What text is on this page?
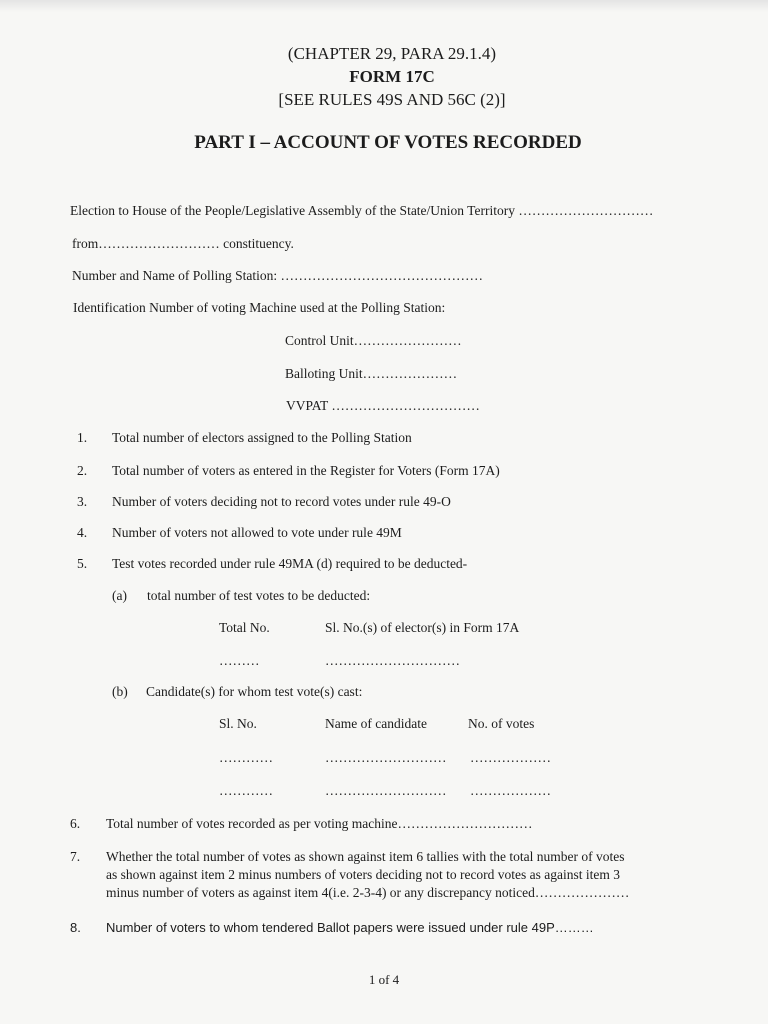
(CHAPTER 29, PARA 29.1.4)
FORM 17C
[SEE RULES 49S AND 56C (2)]
PART I – ACCOUNT OF VOTES RECORDED
Election to House of the People/Legislative Assembly of the State/Union Territory …………………………
from……………………… constituency.
Number and Name of Polling Station: ………………………………………
Identification Number of voting Machine used at the Polling Station:
Control Unit……………………
Balloting Unit…………………
VVPAT ……………………………
1. Total number of electors assigned to the Polling Station
2. Total number of voters as entered in the Register for Voters (Form 17A)
3. Number of voters deciding not to record votes under rule 49-O
4. Number of voters not allowed to vote under rule 49M
5. Test votes recorded under rule 49MA (d) required to be deducted-
(a) total number of test votes to be deducted:
Total No.	Sl. No.(s) of elector(s) in Form 17A
………	…………………………
(b) Candidate(s) for whom test vote(s) cast:
Sl. No.	Name of candidate	No. of votes
…………	……………………… ………………
…………	……………………… ………………
6. Total number of votes recorded as per voting machine…………………………
7. Whether the total number of votes as shown against item 6 tallies with the total number of votes
as shown against item 2 minus numbers of voters deciding not to record votes as against item 3
minus number of voters as against item 4(i.e. 2-3-4) or any discrepancy noticed…………………
8. Number of voters to whom tendered Ballot papers were issued under rule 49P………
1 of 4
